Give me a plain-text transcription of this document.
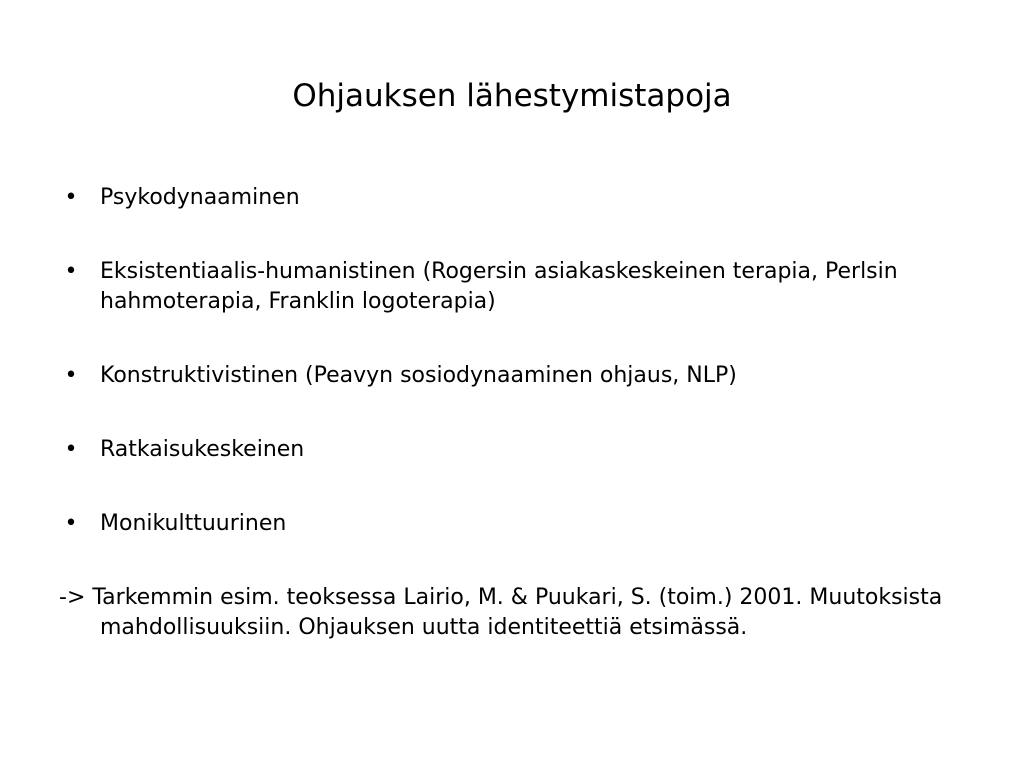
Ohjauksen lähestymistapoja
• Psykodynaaminen
• Eksistentiaalis-humanistinen (Rogersin asiakaskeskeinen terapia, Perlsin hahmoterapia, Franklin logoterapia)
• Konstruktivistinen (Peavyn sosiodynaaminen ohjaus, NLP)
• Ratkaisukeskeinen
• Monikulttuurinen

-> Tarkemmin esim. teoksessa Lairio, M. & Puukari, S. (toim.) 2001. Muutoksista mahdollisuuksiin. Ohjauksen uutta identiteettiä etsimässä.
